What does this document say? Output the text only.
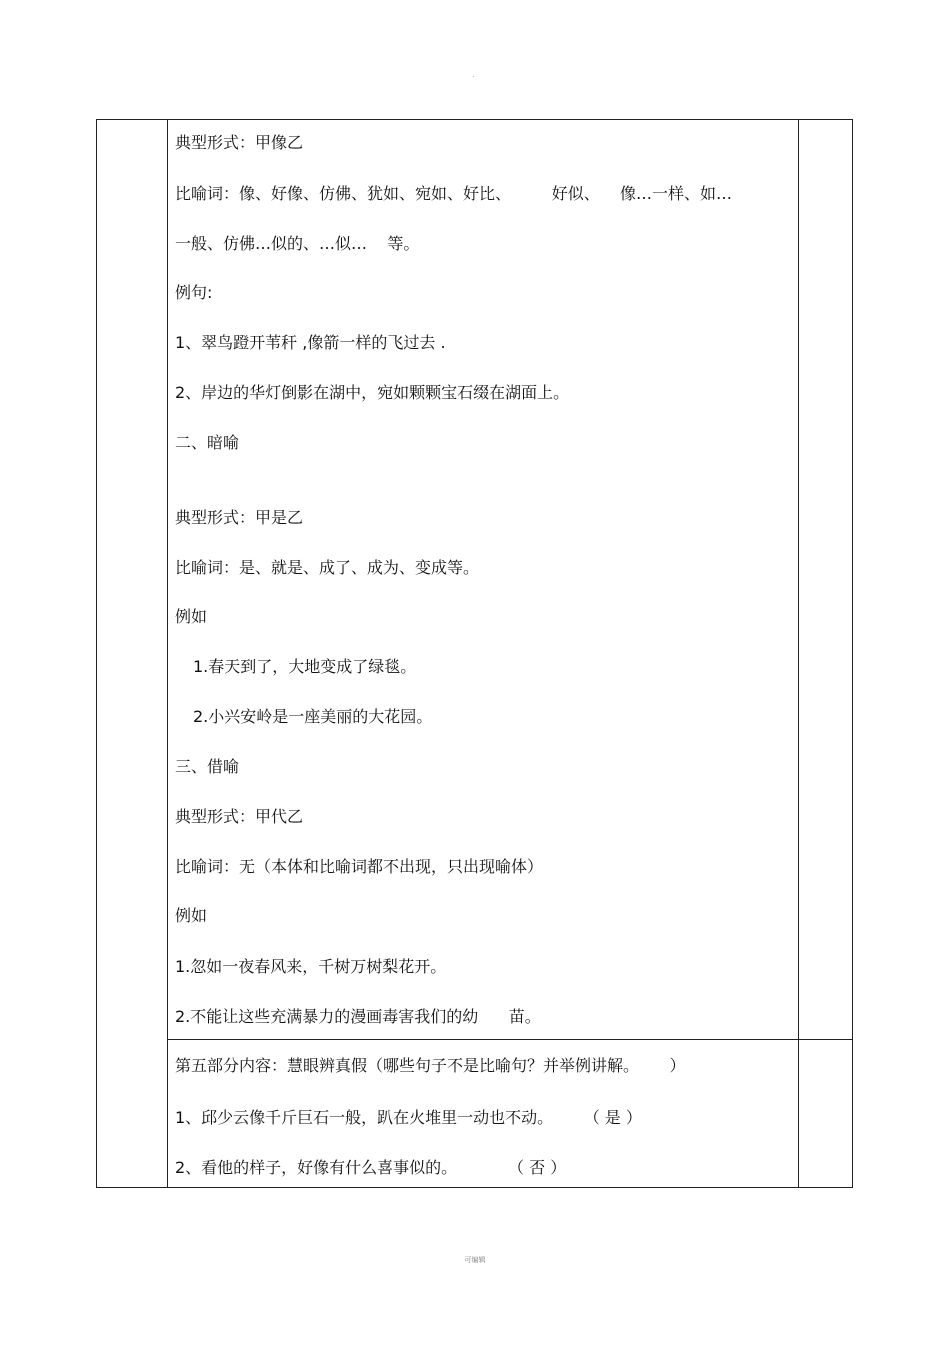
.
典型形式：甲像乙
比喻词：像、好像、仿佛、犹如、宛如、好比、        好似、    像…一样、如…
一般、仿佛…似的、…似…    等。
例句:
1、翠鸟蹬开苇秆 ,像箭一样的飞过去 .
2、岸边的华灯倒影在湖中，宛如颗颗宝石缀在湖面上。
二、暗喻
典型形式：甲是乙
比喻词：是、就是、成了、成为、变成等。
例如
1.春天到了，大地变成了绿毯。
2.小兴安岭是一座美丽的大花园。
三、借喻
典型形式：甲代乙
比喻词：无（本体和比喻词都不出现，只出现喻体）
例如
1.忽如一夜春风来，千树万树梨花开。
2.不能让这些充满暴力的漫画毒害我们的幼      苗。
第五部分内容：慧眼辨真假（哪些句子不是比喻句？并举例讲解。      ）
1、邱少云像千斤巨石一般，趴在火堆里一动也不动。      （ 是 ）
2、看他的样子，好像有什么喜事似的。          （ 否 ）
可编辑
